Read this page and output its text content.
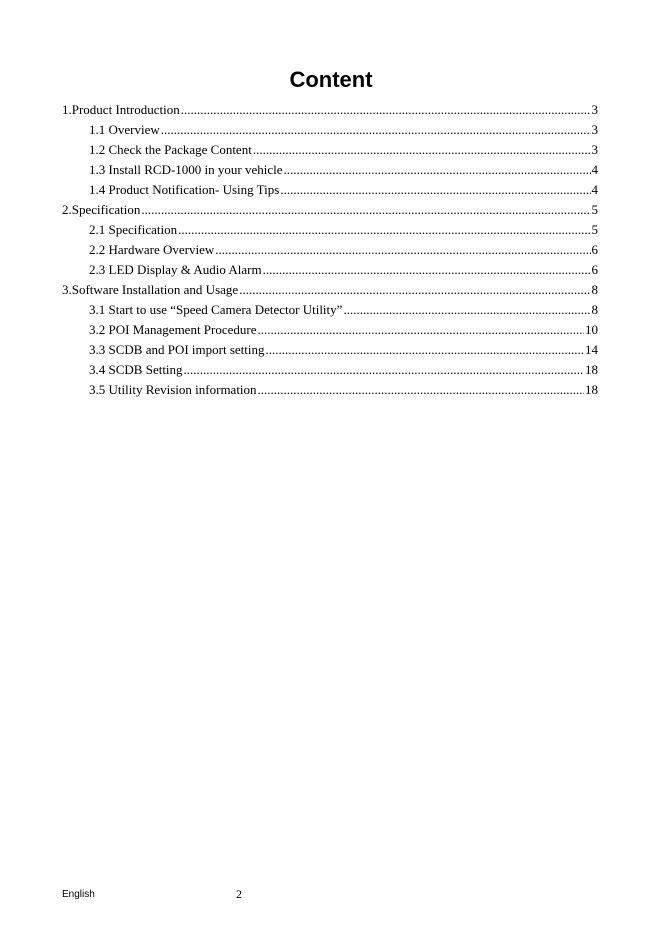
Content
1.Product Introduction .....	3
1.1 Overview .....	3
1.2 Check the Package Content .....	3
1.3 Install RCD-1000 in your vehicle .....	4
1.4 Product Notification- Using Tips .....	4
2.Specification .....	5
2.1 Specification .....	5
2.2 Hardware Overview .....	6
2.3 LED Display & Audio Alarm .....	6
3.Software Installation and Usage .....	8
3.1 Start to use “Speed Camera Detector Utility” .....	8
3.2 POI Management Procedure .....	10
3.3 SCDB and POI import setting .....	14
3.4 SCDB Setting .....	18
3.5 Utility Revision information .....	18
English	2
